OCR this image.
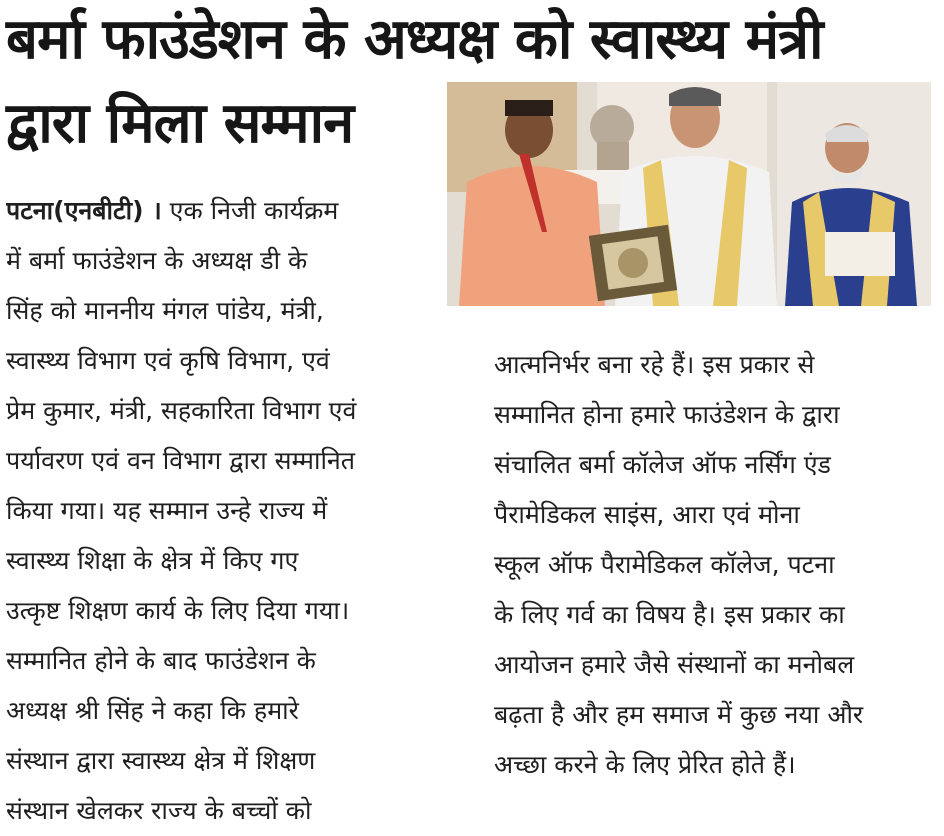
बर्मा फाउंडेशन के अध्यक्ष को स्वास्थ्य मंत्री
द्वारा मिला सम्मान

पटना(एनबीटी) । एक निजी कार्यक्रम
में बर्मा फाउंडेशन के अध्यक्ष डी के
सिंह को माननीय मंगल पांडेय, मंत्री,
स्वास्थ्य विभाग एवं कृषि विभाग, एवं
प्रेम कुमार, मंत्री, सहकारिता विभाग एवं
पर्यावरण एवं वन विभाग द्वारा सम्मानित
किया गया। यह सम्मान उन्हे राज्य में
स्वास्थ्य शिक्षा के क्षेत्र में किए गए
उत्कृष्ट शिक्षण कार्य के लिए दिया गया।
सम्मानित होने के बाद फाउंडेशन के
अध्यक्ष श्री सिंह ने कहा कि हमारे
संस्थान द्वारा स्वास्थ्य क्षेत्र में शिक्षण
संस्थान खेलकर राज्य के बच्चों को

आत्मनिर्भर बना रहे हैं। इस प्रकार से
सम्मानित होना हमारे फाउंडेशन के द्वारा
संचालित बर्मा कॉलेज ऑफ नर्सिंग एंड
पैरामेडिकल साइंस, आरा एवं मोना
स्कूल ऑफ पैरामेडिकल कॉलेज, पटना
के लिए गर्व का विषय है। इस प्रकार का
आयोजन हमारे जैसे संस्थानों का मनोबल
बढ़ता है और हम समाज में कुछ नया और
अच्छा करने के लिए प्रेरित होते हैं।
